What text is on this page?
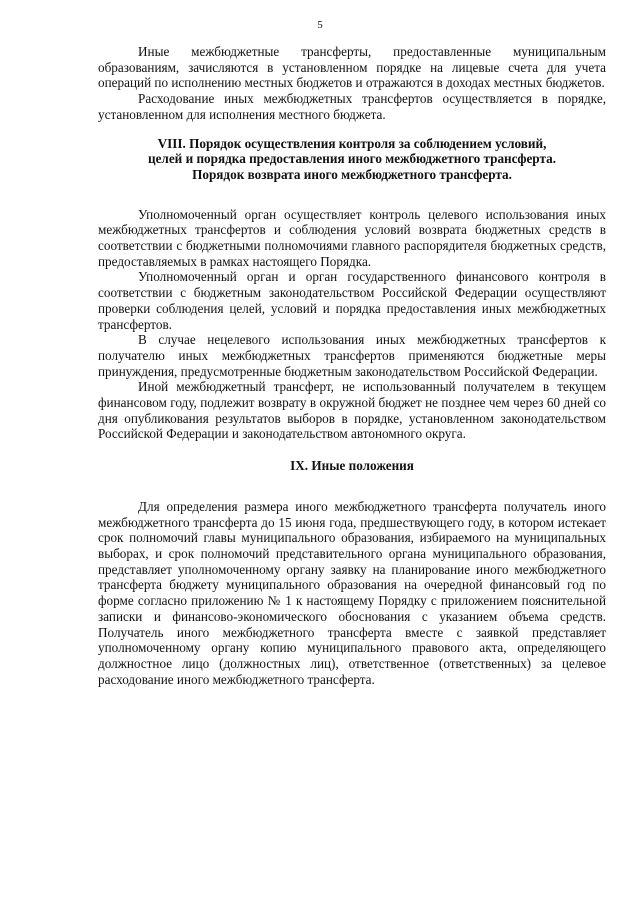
5

Иные межбюджетные трансферты, предоставленные муниципальным образованиям, зачисляются в установленном порядке на лицевые счета для учета операций по исполнению местных бюджетов и отражаются в доходах местных бюджетов.

Расходование иных межбюджетных трансфертов осуществляется в порядке, установленном для исполнения местного бюджета.

VIII. Порядок осуществления контроля за соблюдением условий,

целей и порядка предоставления иного межбюджетного трансферта.

Порядок возврата иного межбюджетного трансферта.

Уполномоченный орган осуществляет контроль целевого использования иных межбюджетных трансфертов и соблюдения условий возврата бюджетных средств в соответствии с бюджетными полномочиями главного распорядителя бюджетных средств, предоставляемых в рамках настоящего Порядка.

Уполномоченный орган и орган государственного финансового контроля в соответствии с бюджетным законодательством Российской Федерации осуществляют проверки соблюдения целей, условий и порядка предоставления иных межбюджетных трансфертов.

В случае нецелевого использования иных межбюджетных трансфертов к получателю иных межбюджетных трансфертов применяются бюджетные меры принуждения, предусмотренные бюджетным законодательством Российской Федерации.

Иной межбюджетный трансферт, не использованный получателем в текущем финансовом году, подлежит возврату в окружной бюджет не позднее чем через 60 дней со дня опубликования результатов выборов в порядке, установленном законодательством Российской Федерации и законодательством автономного округа.

IX. Иные положения

Для определения размера иного межбюджетного трансферта получатель иного межбюджетного трансферта до 15 июня года, предшествующего году, в котором истекает срок полномочий главы муниципального образования, избираемого на муниципальных выборах, и срок полномочий представительного органа муниципального образования, представляет уполномоченному органу заявку на планирование иного межбюджетного трансферта бюджету муниципального образования на очередной финансовый год по форме согласно приложению № 1 к настоящему Порядку с приложением пояснительной записки и финансово-экономического обоснования с указанием объема средств. Получатель иного межбюджетного трансферта вместе с заявкой представляет уполномоченному органу копию муниципального правового акта, определяющего должностное лицо (должностных лиц), ответственное (ответственных) за целевое расходование иного межбюджетного трансферта.
